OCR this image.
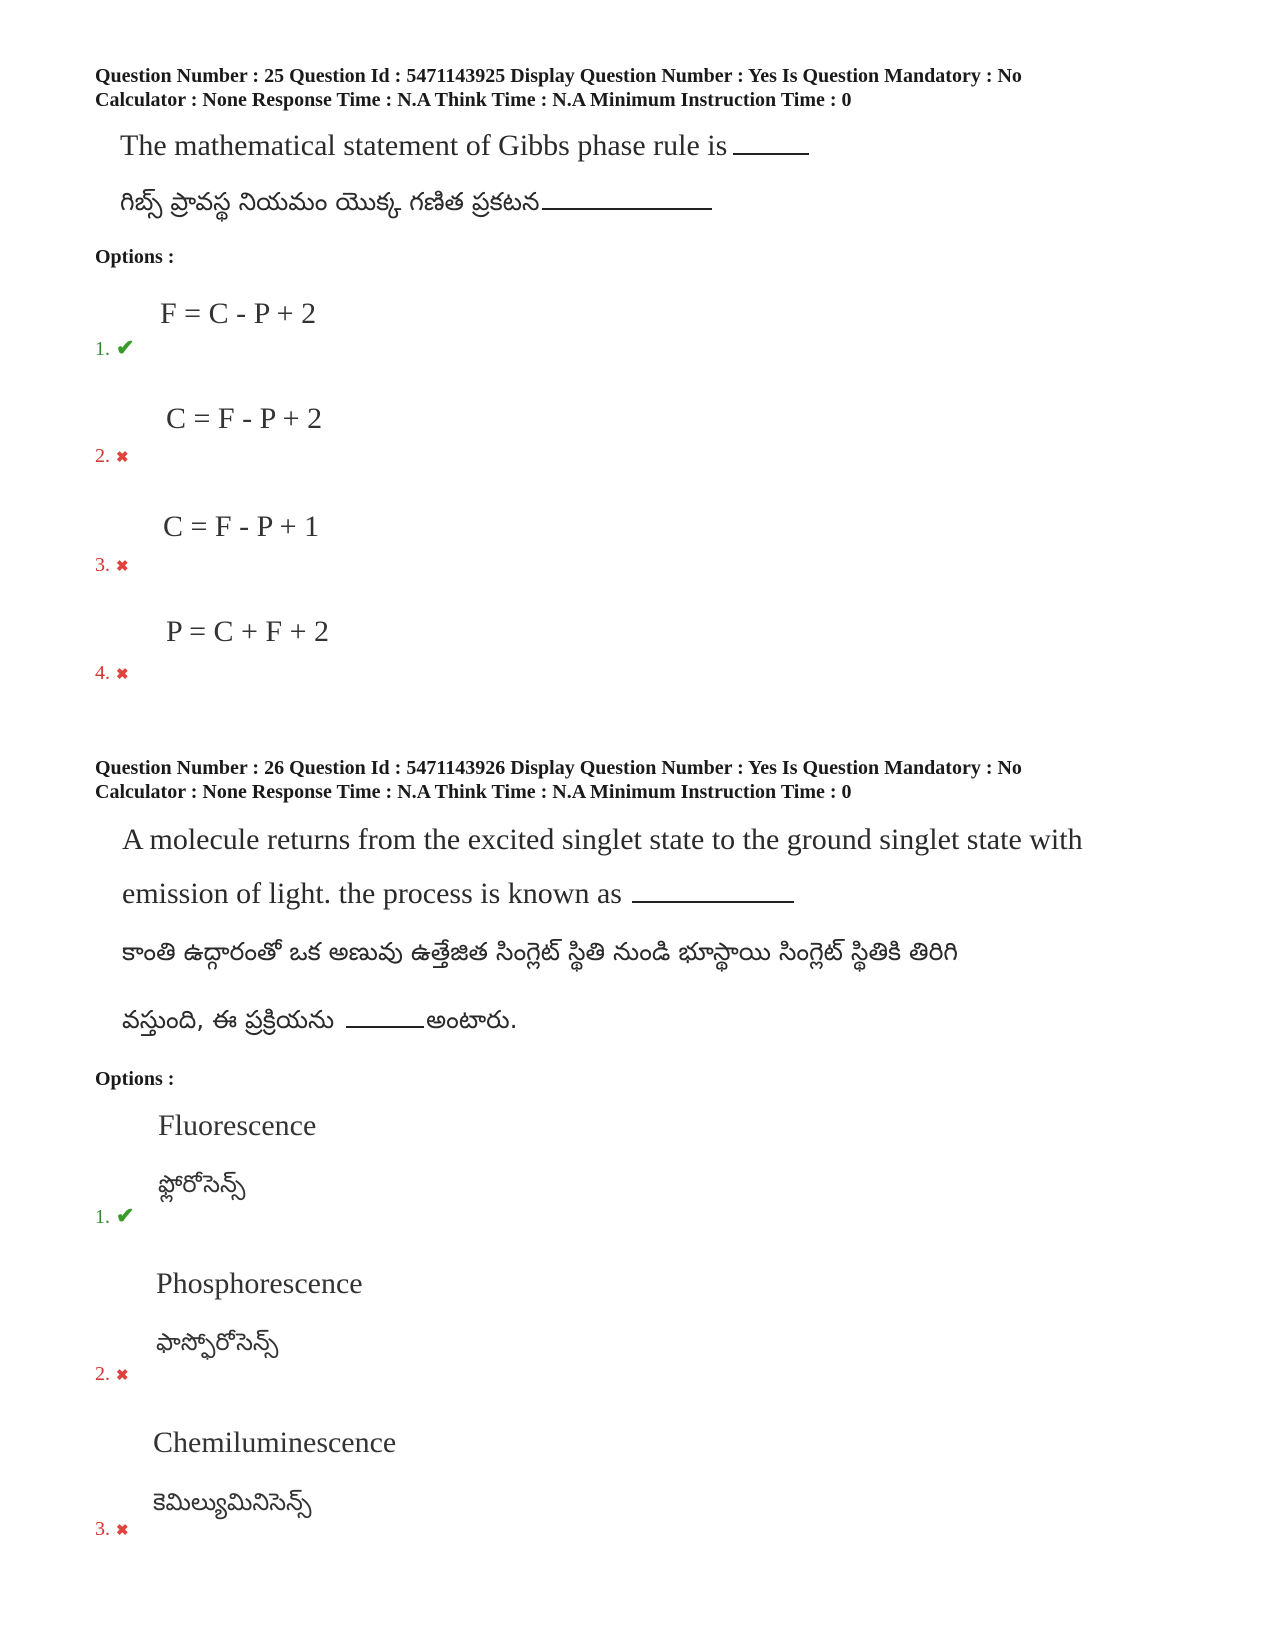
Question Number : 25 Question Id : 5471143925 Display Question Number : Yes Is Question Mandatory : No
Calculator : None Response Time : N.A Think Time : N.A Minimum Instruction Time : 0
The mathematical statement of Gibbs phase rule is
గిబ్స్ ప్రావస్థ నియమం యొక్క గణిత ప్రకటన
Options :
F = C - P + 2
1. ✔
C = F - P + 2
2. ✖
C = F - P + 1
3. ✖
P = C + F + 2
4. ✖
Question Number : 26 Question Id : 5471143926 Display Question Number : Yes Is Question Mandatory : No
Calculator : None Response Time : N.A Think Time : N.A Minimum Instruction Time : 0
A molecule returns from the excited singlet state to the ground singlet state with
emission of light. the process is known as
కాంతి ఉద్గారంతో ఒక అణువు ఉత్తేజిత సింగ్లెట్ స్థితి నుండి భూస్థాయి సింగ్లెట్ స్థితికి తిరిగి
వస్తుంది, ఈ ప్రక్రియను	అంటారు.
Options :
Fluorescence
ఫ్లోరోసెన్స్
1. ✔
Phosphorescence
ఫాస్ఫోరోసెన్స్
2. ✖
Chemiluminescence
కెమిల్యుమినిసెన్స్
3. ✖
